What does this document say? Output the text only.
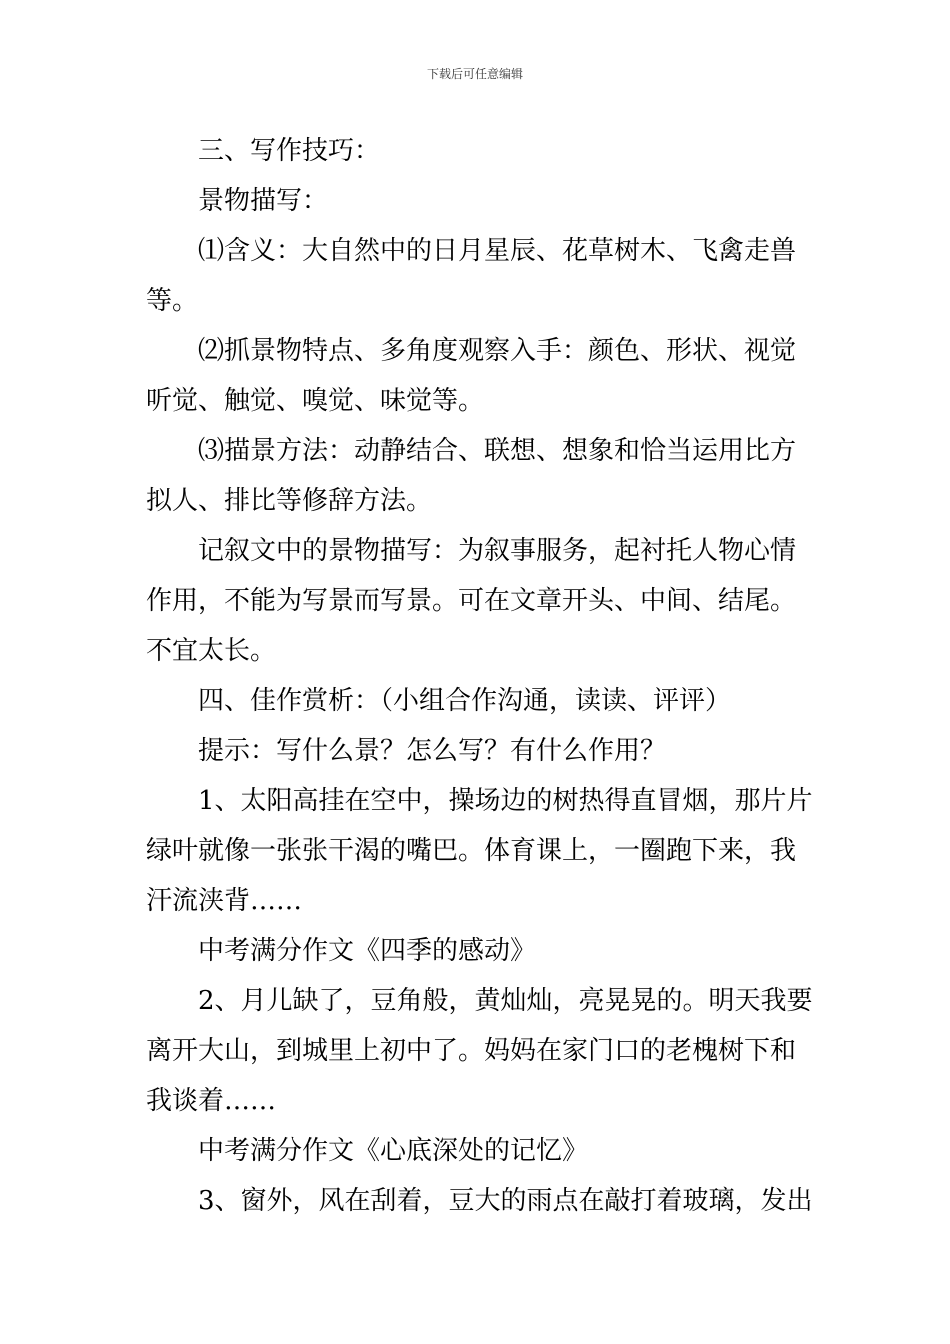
下载后可任意编辑
三、写作技巧：
景物描写：
⑴含义：大自然中的日月星辰、花草树木、飞禽走兽
等。
⑵抓景物特点、多角度观察入手：颜色、形状、视觉
听觉、触觉、嗅觉、味觉等。
⑶描景方法：动静结合、联想、想象和恰当运用比方
拟人、排比等修辞方法。
记叙文中的景物描写：为叙事服务，起衬托人物心情
作用，不能为写景而写景。可在文章开头、中间、结尾。
不宜太长。
四、佳作赏析：（小组合作沟通，读读、评评）
提示：写什么景？怎么写？有什么作用？
1、太阳高挂在空中，操场边的树热得直冒烟，那片片
绿叶就像一张张干渴的嘴巴。体育课上，一圈跑下来，我
汗流浃背……
中考满分作文《四季的感动》
2、月儿缺了，豆角般，黄灿灿，亮晃晃的。明天我要
离开大山，到城里上初中了。妈妈在家门口的老槐树下和
我谈着……
中考满分作文《心底深处的记忆》
3、窗外，风在刮着，豆大的雨点在敲打着玻璃，发出
